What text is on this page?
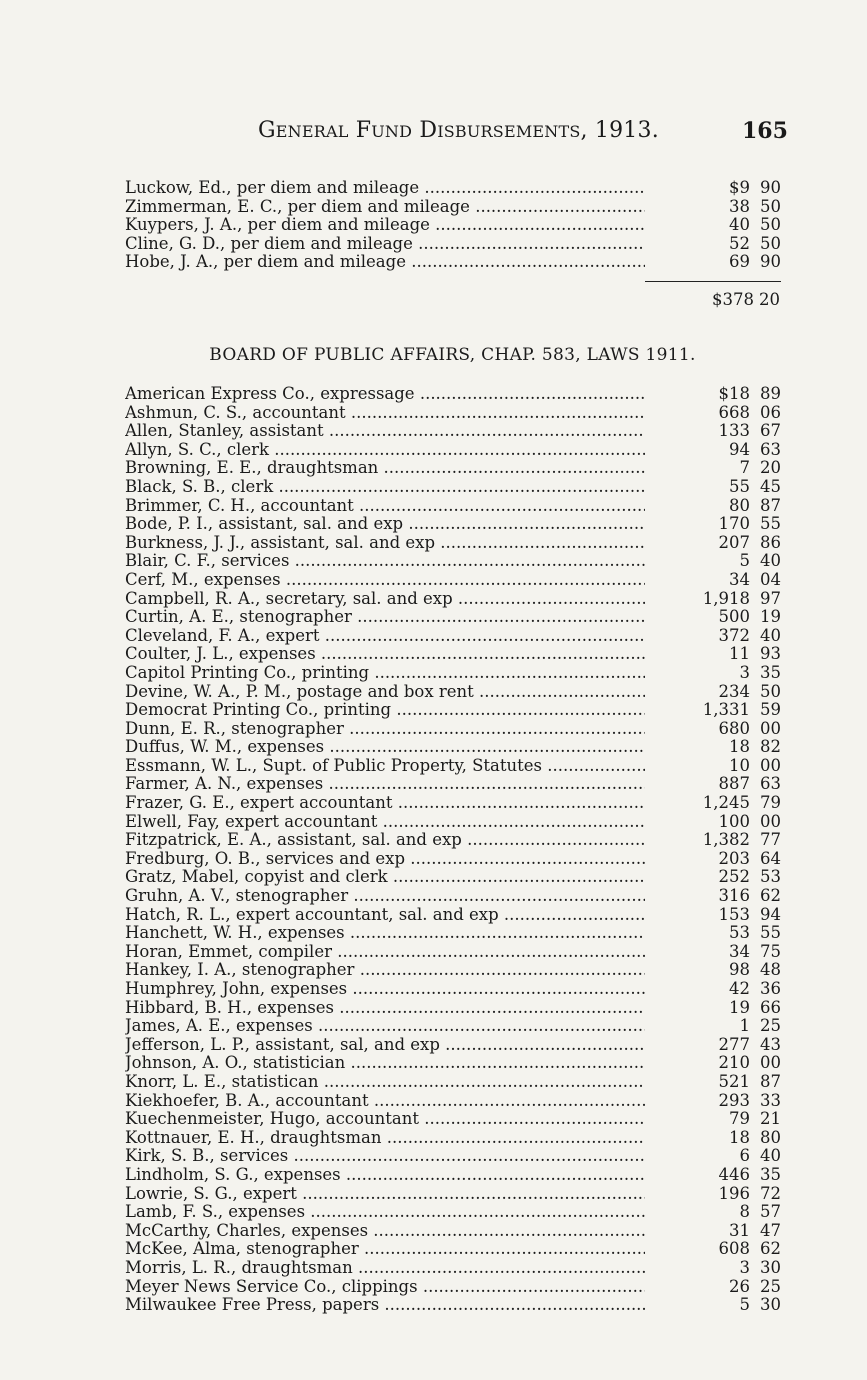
GENERAL FUND DISBURSEMENTS, 1913.	165
Luckow, Ed., per diem and mileage .....	$9 90
Zimmerman, E. C., per diem and mileage .....	38 50
Kuypers, J. A., per diem and mileage .....	40 50
Cline, G. D., per diem and mileage .....	52 50
Hobe, J. A., per diem and mileage .....	69 90
$378 20
BOARD OF PUBLIC AFFAIRS, CHAP. 583, LAWS 1911.
American Express Co., expressage .....	$18 89
Ashmun, C. S., accountant .....	668 06
Allen, Stanley, assistant .....	133 67
Allyn, S. C., clerk .....	94 63
Browning, E. E., draughtsman .....	7 20
Black, S. B., clerk .....	55 45
Brimmer, C. H., accountant .....	80 87
Bode, P. I., assistant, sal. and exp .....	170 55
Burkness, J. J., assistant, sal. and exp .....	207 86
Blair, C. F., services .....	5 40
Cerf, M., expenses .....	34 04
Campbell, R. A., secretary, sal. and exp .....	1,918 97
Curtin, A. E., stenographer .....	500 19
Cleveland, F. A., expert .....	372 40
Coulter, J. L., expenses .....	11 93
Capitol Printing Co., printing .....	3 35
Devine, W. A., P. M., postage and box rent .....	234 50
Democrat Printing Co., printing .....	1,331 59
Dunn, E. R., stenographer .....	680 00
Duffus, W. M., expenses .....	18 82
Essmann, W. L., Supt. of Public Property, Statutes .....	10 00
Farmer, A. N., expenses .....	887 63
Frazer, G. E., expert accountant .....	1,245 79
Elwell, Fay, expert accountant .....	100 00
Fitzpatrick, E. A., assistant, sal. and exp .....	1,382 77
Fredburg, O. B., services and exp .....	203 64
Gratz, Mabel, copyist and clerk .....	252 53
Gruhn, A. V., stenographer .....	316 62
Hatch, R. L., expert accountant, sal. and exp .....	153 94
Hanchett, W. H., expenses .....	53 55
Horan, Emmet, compiler .....	34 75
Hankey, I. A., stenographer .....	98 48
Humphrey, John, expenses .....	42 36
Hibbard, B. H., expenses .....	19 66
James, A. E., expenses .....	1 25
Jefferson, L. P., assistant, sal, and exp .....	277 43
Johnson, A. O., statistician .....	210 00
Knorr, L. E., statistican .....	521 87
Kiekhoefer, B. A., accountant .....	293 33
Kuechenmeister, Hugo, accountant .....	79 21
Kottnauer, E. H., draughtsman .....	18 80
Kirk, S. B., services .....	6 40
Lindholm, S. G., expenses .....	446 35
Lowrie, S. G., expert .....	196 72
Lamb, F. S., expenses .....	8 57
McCarthy, Charles, expenses .....	31 47
McKee, Alma, stenographer .....	608 62
Morris, L. R., draughtsman .....	3 30
Meyer News Service Co., clippings .....	26 25
Milwaukee Free Press, papers .....	5 30
